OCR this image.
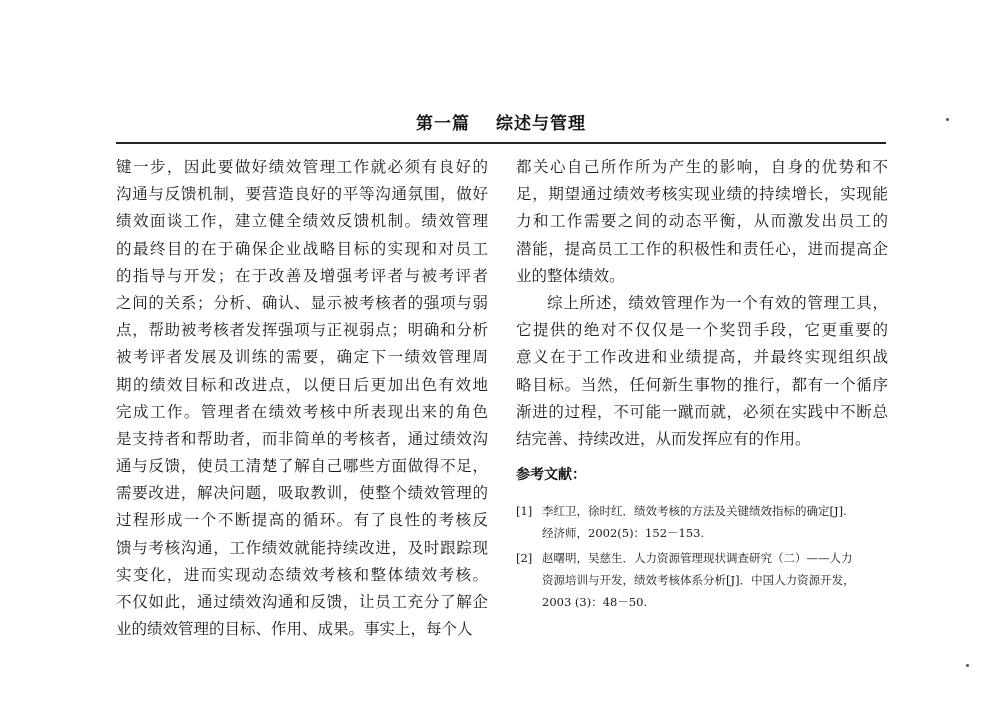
第一篇 综述与管理
键一步，因此要做好绩效管理工作就必须有良好的
沟通与反馈机制，要营造良好的平等沟通氛围，做好
绩效面谈工作，建立健全绩效反馈机制。绩效管理
的最终目的在于确保企业战略目标的实现和对员工
的指导与开发；在于改善及增强考评者与被考评者
之间的关系；分析、确认、显示被考核者的强项与弱
点，帮助被考核者发挥强项与正视弱点；明确和分析
被考评者发展及训练的需要，确定下一绩效管理周
期的绩效目标和改进点，以便日后更加出色有效地
完成工作。管理者在绩效考核中所表现出来的角色
是支持者和帮助者，而非简单的考核者，通过绩效沟
通与反馈，使员工清楚了解自己哪些方面做得不足，
需要改进，解决问题，吸取教训，使整个绩效管理的
过程形成一个不断提高的循环。有了良性的考核反
馈与考核沟通，工作绩效就能持续改进，及时跟踪现
实变化，进而实现动态绩效考核和整体绩效考核。
不仅如此，通过绩效沟通和反馈，让员工充分了解企
业的绩效管理的目标、作用、成果。事实上，每个人
都关心自己所作所为产生的影响，自身的优势和不
足，期望通过绩效考核实现业绩的持续增长，实现能
力和工作需要之间的动态平衡，从而激发出员工的
潜能，提高员工工作的积极性和责任心，进而提高企
业的整体绩效。
综上所述，绩效管理作为一个有效的管理工具，
它提供的绝对不仅仅是一个奖罚手段，它更重要的
意义在于工作改进和业绩提高，并最终实现组织战
略目标。当然，任何新生事物的推行，都有一个循序
渐进的过程，不可能一蹴而就，必须在实践中不断总
结完善、持续改进，从而发挥应有的作用。
参考文献：
[1] 李红卫，徐时红．绩效考核的方法及关键绩效指标的确定[J].
经济师，2002(5)：152－153.
[2] 赵曙明，吴慈生．人力资源管理现状调查研究（二）——人力
资源培训与开发，绩效考核体系分析[J]．中国人力资源开发，
2003 (3)：48－50.
